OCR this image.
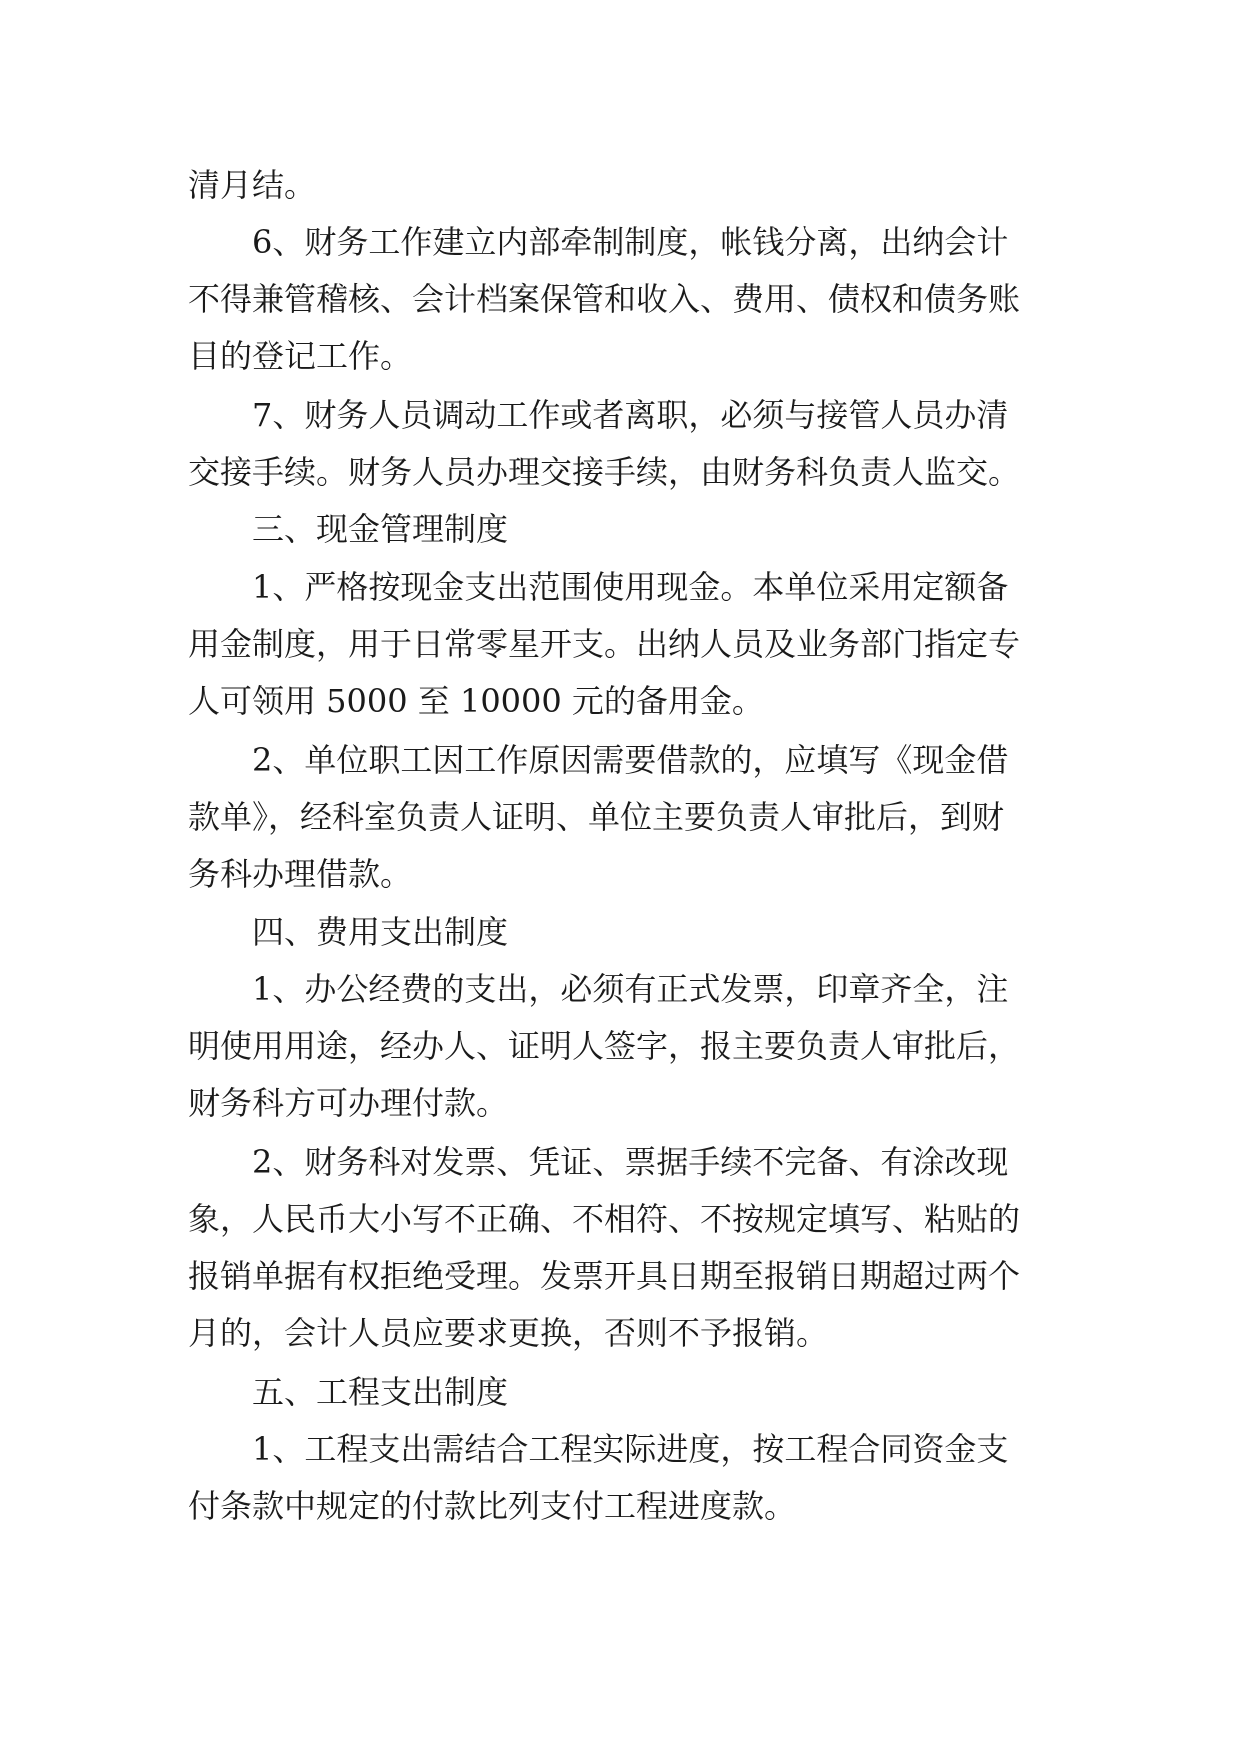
清月结。
6、财务工作建立内部牵制制度，帐钱分离，出纳会计
不得兼管稽核、会计档案保管和收入、费用、债权和债务账
目的登记工作。
7、财务人员调动工作或者离职，必须与接管人员办清
交接手续。财务人员办理交接手续，由财务科负责人监交。
三、现金管理制度
1、严格按现金支出范围使用现金。本单位采用定额备
用金制度，用于日常零星开支。出纳人员及业务部门指定专
人可领用 5000 至 10000 元的备用金。
2、单位职工因工作原因需要借款的，应填写《现金借
款单》，经科室负责人证明、单位主要负责人审批后，到财
务科办理借款。
四、费用支出制度
1、办公经费的支出，必须有正式发票，印章齐全，注
明使用用途，经办人、证明人签字，报主要负责人审批后，
财务科方可办理付款。
2、财务科对发票、凭证、票据手续不完备、有涂改现
象，人民币大小写不正确、不相符、不按规定填写、粘贴的
报销单据有权拒绝受理。发票开具日期至报销日期超过两个
月的，会计人员应要求更换，否则不予报销。
五、工程支出制度
1、工程支出需结合工程实际进度，按工程合同资金支
付条款中规定的付款比列支付工程进度款。
